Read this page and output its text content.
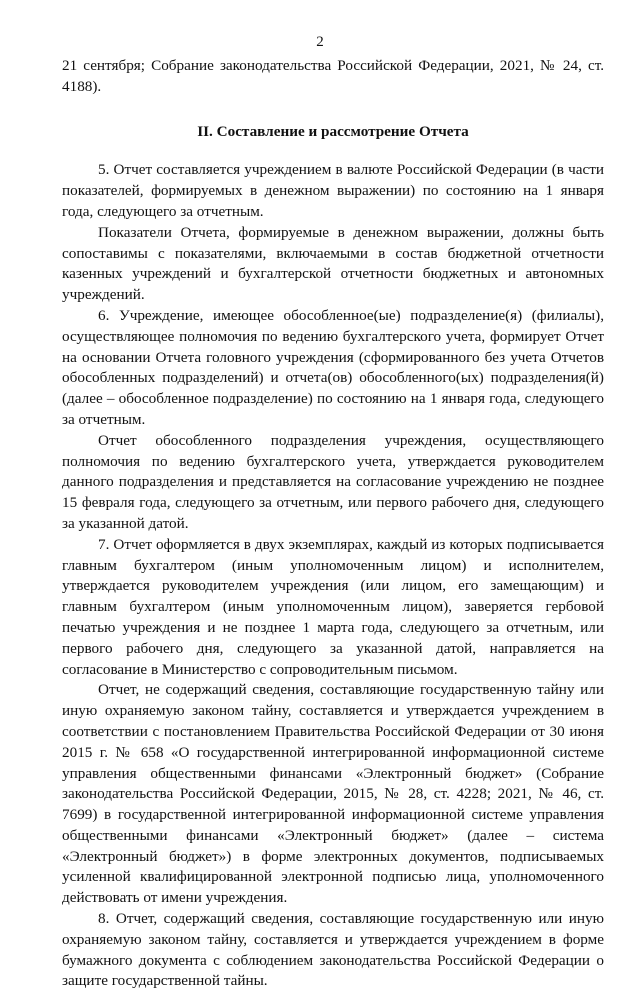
2

21 сентября; Собрание законодательства Российской Федерации, 2021, № 24, ст. 4188).

II. Составление и рассмотрение Отчета

5. Отчет составляется учреждением в валюте Российской Федерации (в части показателей, формируемых в денежном выражении) по состоянию на 1 января года, следующего за отчетным.

Показатели Отчета, формируемые в денежном выражении, должны быть сопоставимы с показателями, включаемыми в состав бюджетной отчетности казенных учреждений и бухгалтерской отчетности бюджетных и автономных учреждений.

6. Учреждение, имеющее обособленное(ые) подразделение(я) (филиалы), осуществляющее полномочия по ведению бухгалтерского учета, формирует Отчет на основании Отчета головного учреждения (сформированного без учета Отчетов обособленных подразделений) и отчета(ов) обособленного(ых) подразделения(й) (далее – обособленное подразделение) по состоянию на 1 января года, следующего за отчетным.

Отчет обособленного подразделения учреждения, осуществляющего полномочия по ведению бухгалтерского учета, утверждается руководителем данного подразделения и представляется на согласование учреждению не позднее 15 февраля года, следующего за отчетным, или первого рабочего дня, следующего за указанной датой.

7. Отчет оформляется в двух экземплярах, каждый из которых подписывается главным бухгалтером (иным уполномоченным лицом) и исполнителем, утверждается руководителем учреждения (или лицом, его замещающим) и главным бухгалтером (иным уполномоченным лицом), заверяется гербовой печатью учреждения и не позднее 1 марта года, следующего за отчетным, или первого рабочего дня, следующего за указанной датой, направляется на согласование в Министерство с сопроводительным письмом.

Отчет, не содержащий сведения, составляющие государственную тайну или иную охраняемую законом тайну, составляется и утверждается учреждением в соответствии с постановлением Правительства Российской Федерации от 30 июня 2015 г. № 658 «О государственной интегрированной информационной системе управления общественными финансами «Электронный бюджет» (Собрание законодательства Российской Федерации, 2015, № 28, ст. 4228; 2021, № 46, ст. 7699) в государственной интегрированной информационной системе управления общественными финансами «Электронный бюджет» (далее – система «Электронный бюджет») в форме электронных документов, подписываемых усиленной квалифицированной электронной подписью лица, уполномоченного действовать от имени учреждения.

8. Отчет, содержащий сведения, составляющие государственную или иную охраняемую законом тайну, составляется и утверждается учреждением в форме бумажного документа с соблюдением законодательства Российской Федерации о защите государственной тайны.
